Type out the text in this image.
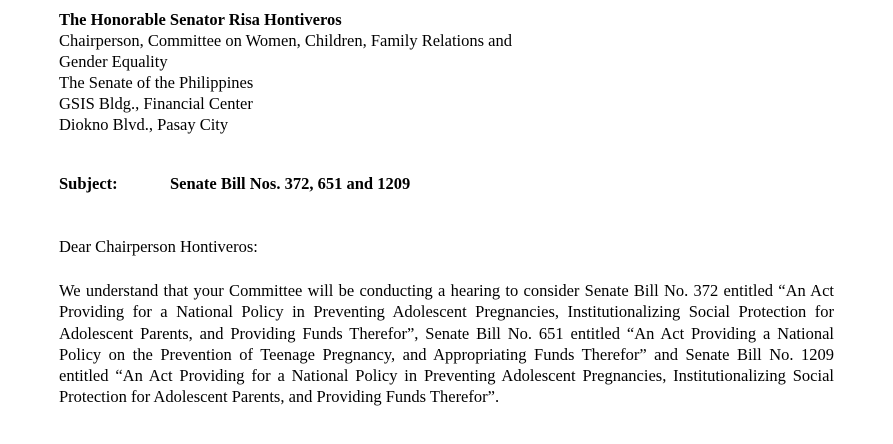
The Honorable Senator Risa Hontiveros
Chairperson, Committee on Women, Children, Family Relations and
Gender Equality
The Senate of the Philippines
GSIS Bldg., Financial Center
Diokno Blvd., Pasay City
Subject:	Senate Bill Nos. 372, 651 and 1209
Dear Chairperson Hontiveros:
We understand that your Committee will be conducting a hearing to consider Senate Bill No. 372 entitled “An Act Providing for a National Policy in Preventing Adolescent Pregnancies, Institutionalizing Social Protection for Adolescent Parents, and Providing Funds Therefor”, Senate Bill No. 651 entitled “An Act Providing a National Policy on the Prevention of Teenage Pregnancy, and Appropriating Funds Therefor” and Senate Bill No. 1209 entitled “An Act Providing for a National Policy in Preventing Adolescent Pregnancies, Institutionalizing Social Protection for Adolescent Parents, and Providing Funds Therefor”.
